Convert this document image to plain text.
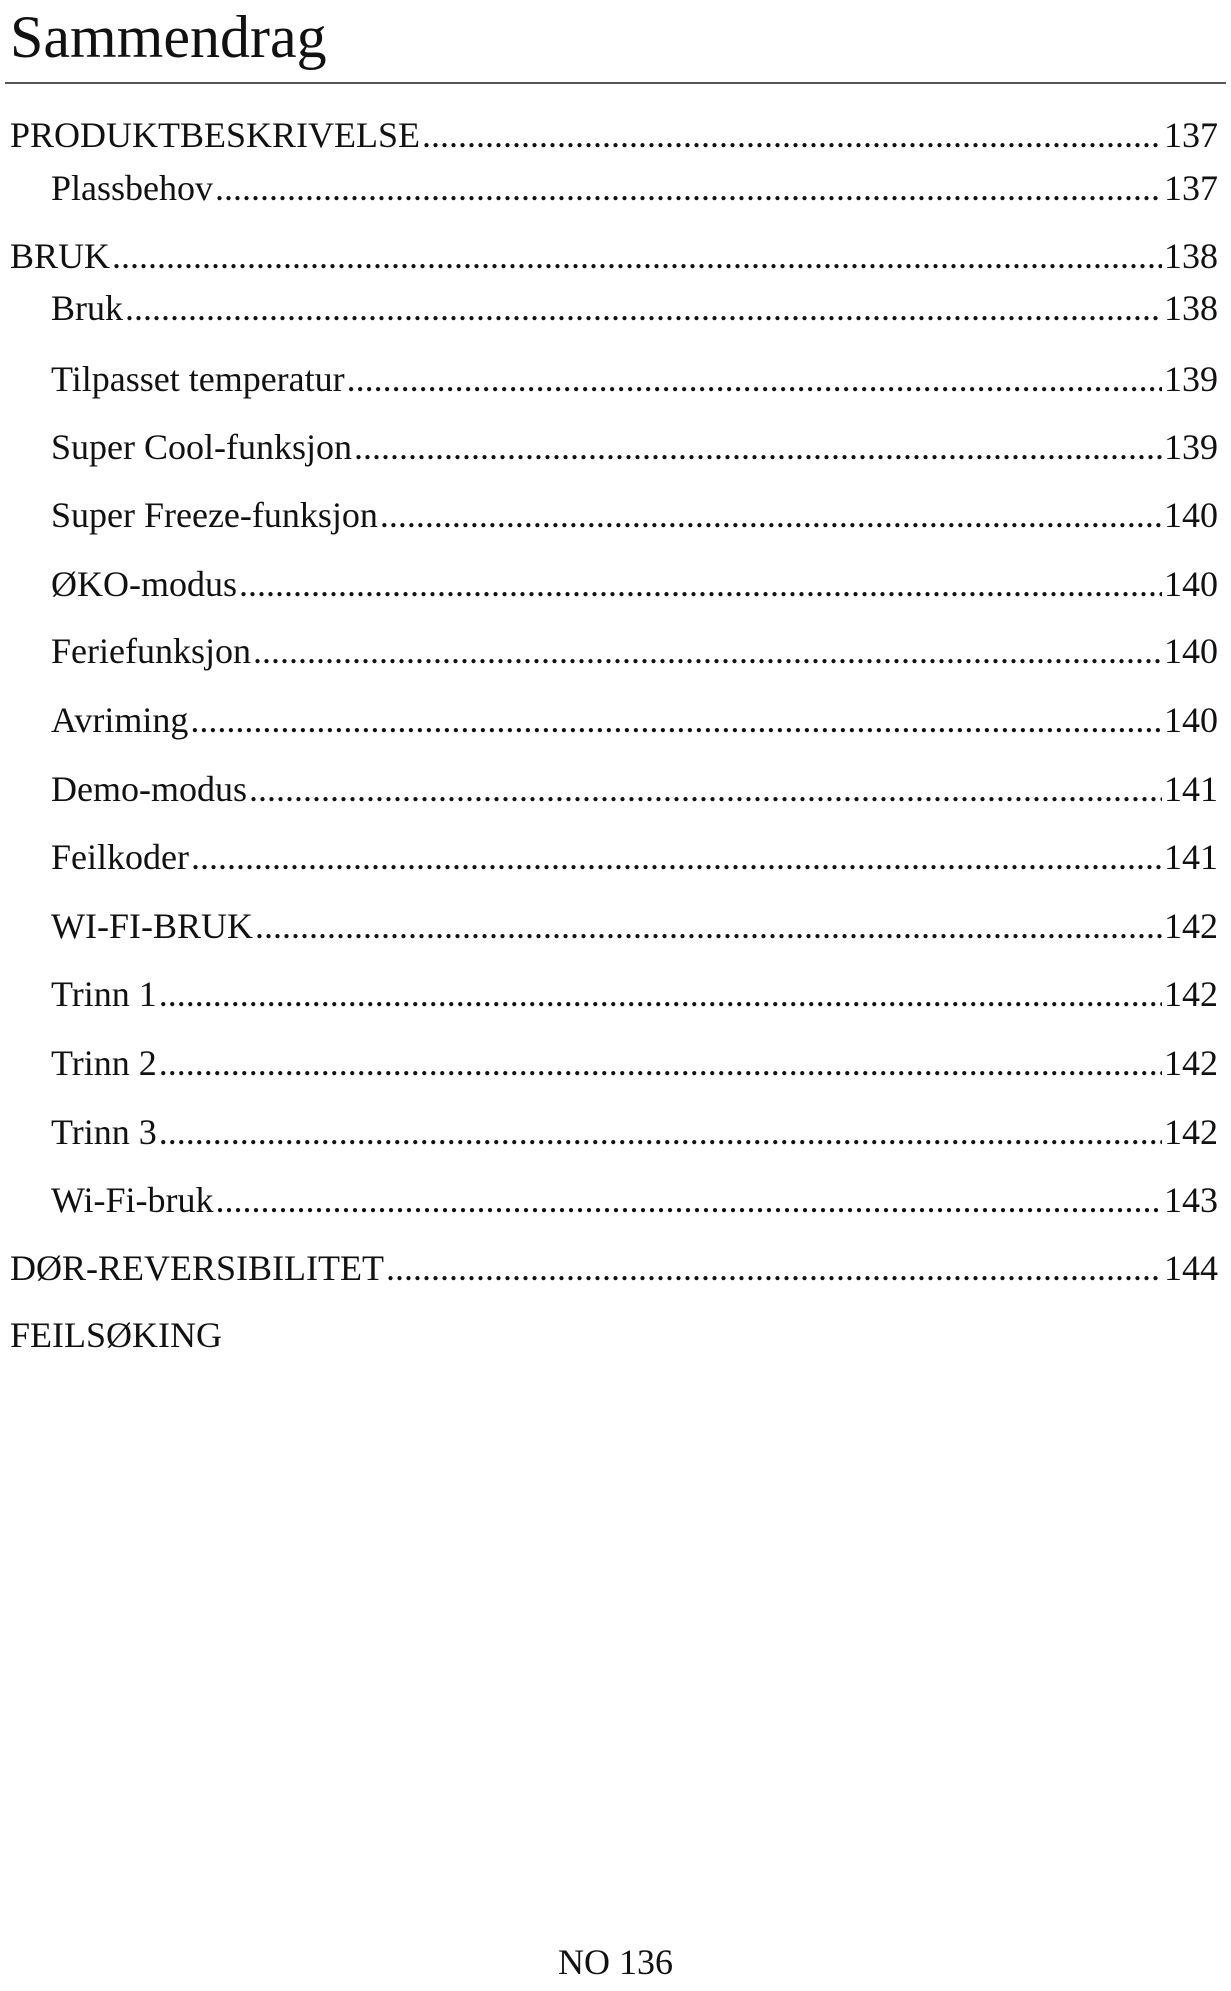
Sammendrag
PRODUKTBESKRIVELSE .....	137
Plassbehov .....	137
BRUK .....	138
Bruk .....	138
Tilpasset temperatur .....	139
Super Cool-funksjon .....	139
Super Freeze-funksjon .....	140
ØKO-modus .....	140
Feriefunksjon .....	140
Avriming .....	140
Demo-modus .....	141
Feilkoder .....	141
WI-FI-BRUK .....	142
Trinn 1 .....	142
Trinn 2 .....	142
Trinn 3 .....	142
Wi-Fi-bruk .....	143
DØR-REVERSIBILITET .....	144
FEILSØKING
NO 136
